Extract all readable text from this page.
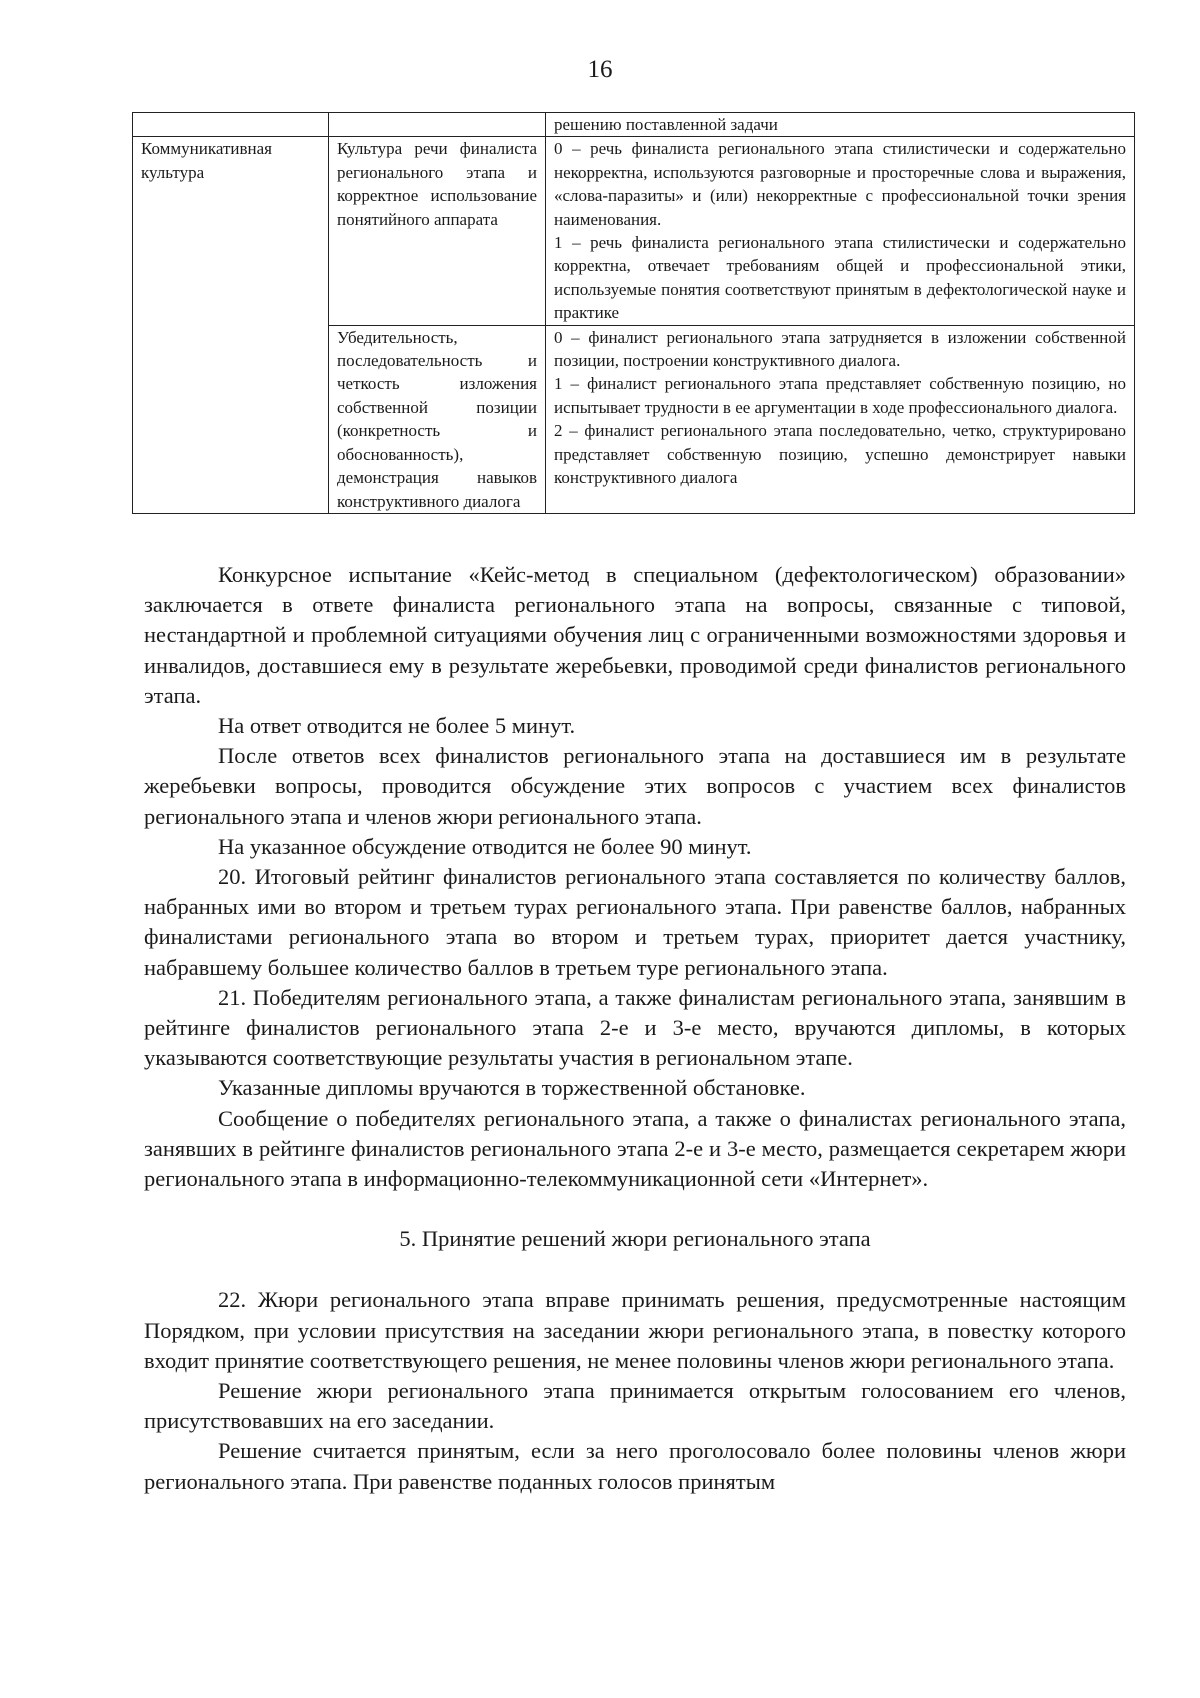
16
		решению поставленной задачи
Коммуникативная культура	Культура речи финалиста регионального этапа и корректное использование понятийного аппарата	0 – речь финалиста регионального этапа стилистически и содержательно некорректна, используются разговорные и просторечные слова и выражения, «слова-паразиты» и (или) некорректные с профессиональной точки зрения наименования.

1 – речь финалиста регионального этапа стилистически и содержательно корректна, отвечает требованиям общей и профессиональной этики, используемые понятия соответствуют принятым в дефектологической науке и практике

	Убедительность, последовательность и четкость изложения собственной позиции (конкретность и обоснованность), демонстрация навыков конструктивного диалога	0 – финалист регионального этапа затрудняется в изложении собственной позиции, построении конструктивного диалога.

1 – финалист регионального этапа представляет собственную позицию, но испытывает трудности в ее аргументации в ходе профессионального диалога.

2 – финалист регионального этапа последовательно, четко, структурировано представляет собственную позицию, успешно демонстрирует навыки конструктивного диалога

Конкурсное испытание «Кейс-метод в специальном (дефектологическом) образовании» заключается в ответе финалиста регионального этапа на вопросы, связанные с типовой, нестандартной и проблемной ситуациями обучения лиц с ограниченными возможностями здоровья и инвалидов, доставшиеся ему в результате жеребьевки, проводимой среди финалистов регионального этапа.

На ответ отводится не более 5 минут.

После ответов всех финалистов регионального этапа на доставшиеся им в результате жеребьевки вопросы, проводится обсуждение этих вопросов с участием всех финалистов регионального этапа и членов жюри регионального этапа.

На указанное обсуждение отводится не более 90 минут.

20. Итоговый рейтинг финалистов регионального этапа составляется по количеству баллов, набранных ими во втором и третьем турах регионального этапа. При равенстве баллов, набранных финалистами регионального этапа во втором и третьем турах, приоритет дается участнику, набравшему большее количество баллов в третьем туре регионального этапа.

21. Победителям регионального этапа, а также финалистам регионального этапа, занявшим в рейтинге финалистов регионального этапа 2-е и 3-е место, вручаются дипломы, в которых указываются соответствующие результаты участия в региональном этапе.

Указанные дипломы вручаются в торжественной обстановке.

Сообщение о победителях регионального этапа, а также о финалистах регионального этапа, занявших в рейтинге финалистов регионального этапа 2-е и 3-е место, размещается секретарем жюри регионального этапа в информационно-телекоммуникационной сети «Интернет».

5. Принятие решений жюри регионального этапа

22. Жюри регионального этапа вправе принимать решения, предусмотренные настоящим Порядком, при условии присутствия на заседании жюри регионального этапа, в повестку которого входит принятие соответствующего решения, не менее половины членов жюри регионального этапа.

Решение жюри регионального этапа принимается открытым голосованием его членов, присутствовавших на его заседании.

Решение считается принятым, если за него проголосовало более половины членов жюри регионального этапа. При равенстве поданных голосов принятым
